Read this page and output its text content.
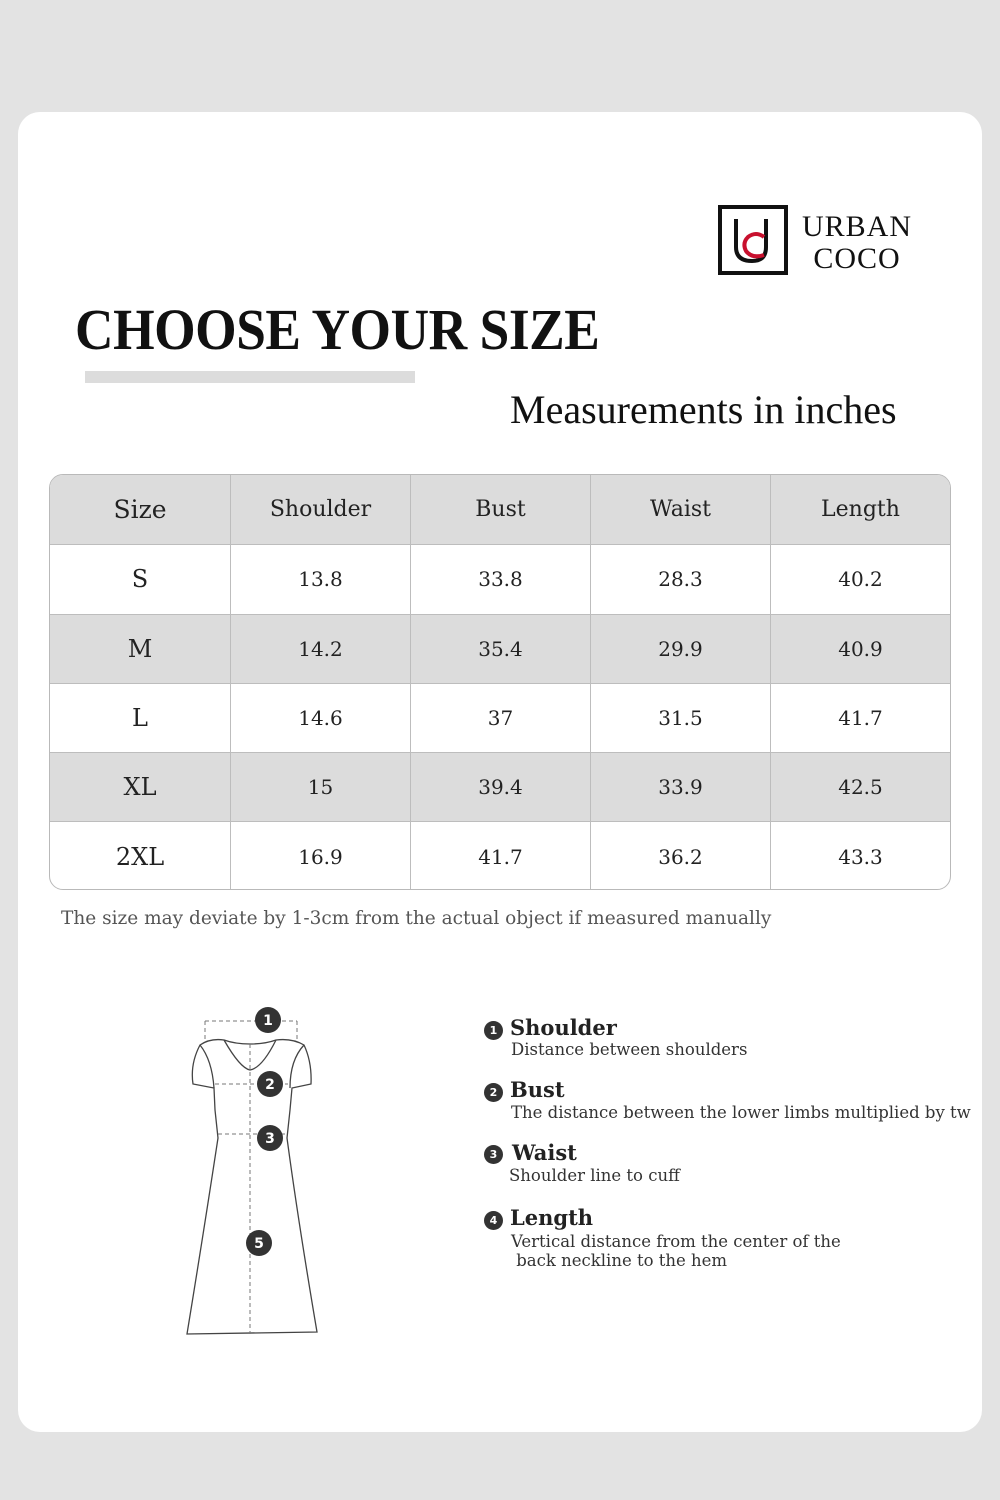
URBAN
COCO
CHOOSE YOUR SIZE
Measurements in inches
Size	Shoulder	Bust	Waist	Length
S	13.8	33.8	28.3	40.2
M	14.2	35.4	29.9	40.9
L	14.6	37	31.5	41.7
XL	15	39.4	33.9	42.5
2XL	16.9	41.7	36.2	43.3
The size may deviate by 1-3cm from the actual object if measured manually
1
2
3
5
1 Shoulder
Distance between shoulders
2 Bust
The distance between the lower limbs multiplied by tw
3 Waist
Shoulder line to cuff
4 Length
Vertical distance from the center of the
back neckline to the hem
